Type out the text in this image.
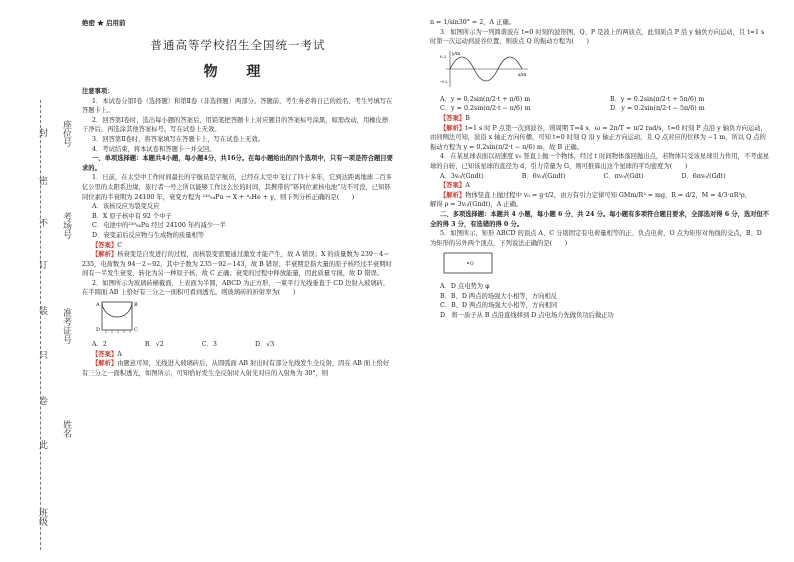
封
密
不
订
装
只
卷
此
座位号
考场号
准考证号
姓名
班级
绝密 ★ 启用前
普通高等学校招生全国统一考试
物 理

注意事项：

1．本试卷分第Ⅰ卷（选择题）和第Ⅱ卷（非选择题）两部分。答题前，考生务必将自己的姓名、考生号填写在答题卡上。

2．回答第Ⅰ卷时，选出每小题的答案后，用铅笔把答题卡上对应题目的答案标号涂黑，如需改动，用橡皮擦干净后，再选涂其他答案标号。写在试卷上无效。

3．回答第Ⅱ卷时，将答案填写在答题卡上，写在试卷上无效。

4．考试结束，将本试卷和答题卡一并交回。

一、单项选择题：本题共4小题，每小题4分，共16分。在每小题给出的四个选项中，只有一项是符合题目要求的。

1．日前，在太空中工作时间最长的宇航员是宇航员，已经在太空中飞行了四十多年，它到达距离地球二百多亿公里的太阳系边缘，旅行者一号之所以能够工作这么长的时间，其携带的“钚同位素核电池”功不可没，已知钚同位素的半衰期为 24100 年，衰变方程为 ²³⁹₉₄Pu → X + ⁴₂He + γ，则下列分析正确的是(　　)

A．该核反应为裂变反应

B．X 原子核中有 92 个中子

C．电池中的²³⁹₉₄Pu 经过 24100 年约减少一半

D．衰变前后反应物与生成物的质量相等

【答案】C

【解析】核衰变是自发进行的过程，而核裂变需要通过激发才能产生，故 A 错误；X 的质量数为 239－4＝235，电荷数为 94－2＝92，其中子数为 235－92＝143，故 B 错误；半衰期是指大量的原子核经过半衰期时间有一半发生衰变，转化为另一种原子核，故 C 正确；衰变的过程中释放能量，因此质量亏损，故 D 错误。

2．如图所示为玻璃砖横截面，上表面为半圆，ABCD 为正方形，一束平行光线垂直于 CD 边射入玻璃砖，在半圆面 AB 上恰好有三分之一面积可看到透光。则玻璃砖的折射率为(　　)

A	B
C
D
A．2	B．√2	C．3	D．√3

【答案】A

【解析】由题意可知，光线进入玻璃砖后，从圆弧面 AB 射出时有部分光线发生全反射，因在 AB 面上恰好有三分之一面积透光，如图所示，可知恰好发生全反射时入射光对应的入射角为 30°，则

n = 1/sin30° = 2，A 正确。

3．如图所示为一列简谐波在 t=0 时刻的波形图，Q、P 是波上的两质点，此刻质点 P 沿 y 轴负方向运动，且 t=1 s 时第一次运动到波谷位置，则质点 Q 的振动方程为(　　)

y/m
x/m
0.2
-0.2
A．y = 0.2sin(π/2·t + π/6) m	B．y = 0.2sin(π/2·t + 5π/6) m
C．y = 0.2sin(π/2·t − π/6) m	D．y = 0.2sin(π/2·t − 5π/6) m

【答案】B

【解析】t=1 s 时 P 点第一次到波谷，则周期 T=4 s，ω = 2π/T = π/2 rad/s，t=0 时刻 P 点沿 y 轴负方向运动，由同侧法可知，波沿 x 轴正方向传播，可知 t=0 时刻 Q 沿 y 轴正方向运动，且 Q 点对应的位移为 −1 m，所以 Q 点的振动方程为 y = 0.2sin(π/2·t − π/6) m，故 B 正确。

4．在某星球表面以初速度 v₀ 竖直上抛一个物体，经过 t 时间物体落回抛出点，若物体只受该星球引力作用，不考虑星球的自转，已知该星球的直径为 d，引力常量为 G，则可推算出这个星球的平均密度为(　　)

A．3v₀/(Gπdt)	B．6v₀/(Gπdt)	C．πv₀/(Gdt)	D．6πv₀/(Gdt)

【答案】A

【解析】物体竖直上抛过程中 v₀ = g·t/2，由万有引力定律可知 GMm/R² = mg，R = d/2，M = 4/3·πR³ρ，

解得 ρ = 3v₀/(Gπdt)，A 正确。

二、多项选择题：本题共 4 小题，每小题 6 分，共 24 分。每小题有多项符合题目要求，全部选对得 6 分，选对但不全的得 3 分，有选错的得 0 分。

5．如图所示，矩形 ABCD 的顶点 A、C 分别固定有电荷量相等的正、负点电荷，O 点为矩形对角线的交点，B、D 为矩形的另外两个顶点，下列说法正确的是(　　)

O

A．D 点电势为 φ

B．B、D 两点的场强大小相等，方向相反

C．B、D 两点的场强大小相等，方向相同

D．将一质子从 B 点沿直线移到 D 点电场力先做负功后做正功
